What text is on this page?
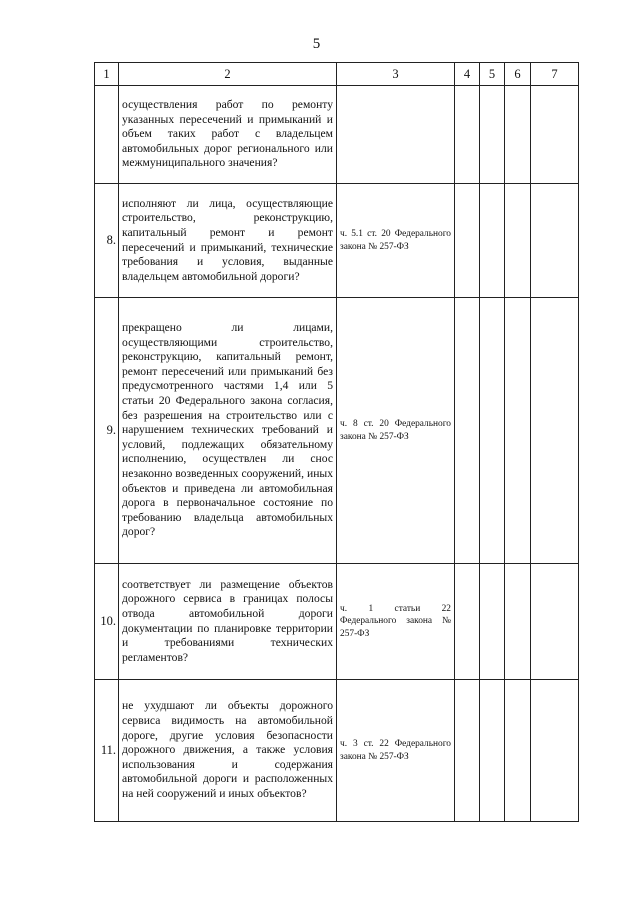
5
1	2	3	4	5	6	7
	осуществления работ по ремонту указанных пересечений и примыканий и объем таких работ с владельцем автомобильных дорог регионального или межмуниципального значения?					
8.	исполняют ли лица, осуществляющие строительство, реконструкцию, капитальный ремонт и ремонт пересечений и примыканий, технические требования и условия, выданные владельцем автомобильной дороги?	ч. 5.1 ст. 20 Федерального закона № 257-ФЗ				
9.	прекращено ли лицами, осуществляющими строительство, реконструкцию, капитальный ремонт, ремонт пересечений или примыканий без предусмотренного частями 1,4 или 5 статьи 20 Федерального закона согласия, без разрешения на строительство или с нарушением технических требований и условий, подлежащих обязательному исполнению, осуществлен ли снос незаконно возведенных сооружений, иных объектов и приведена ли автомобильная дорога в первоначальное состояние по требованию владельца автомобильных дорог?	ч. 8 ст. 20 Федерального закона № 257-ФЗ				
10.	соответствует ли размещение объектов дорожного сервиса в границах полосы отвода автомобильной дороги документации по планировке территории и требованиями технических регламентов?	ч. 1 статьи 22 Федерального закона № 257-ФЗ				
11.	не ухудшают ли объекты дорожного сервиса видимость на автомобильной дороге, другие условия безопасности дорожного движения, а также условия использования и содержания автомобильной дороги и расположенных на ней сооружений и иных объектов?	ч. 3 ст. 22 Федерального закона № 257-ФЗ				
